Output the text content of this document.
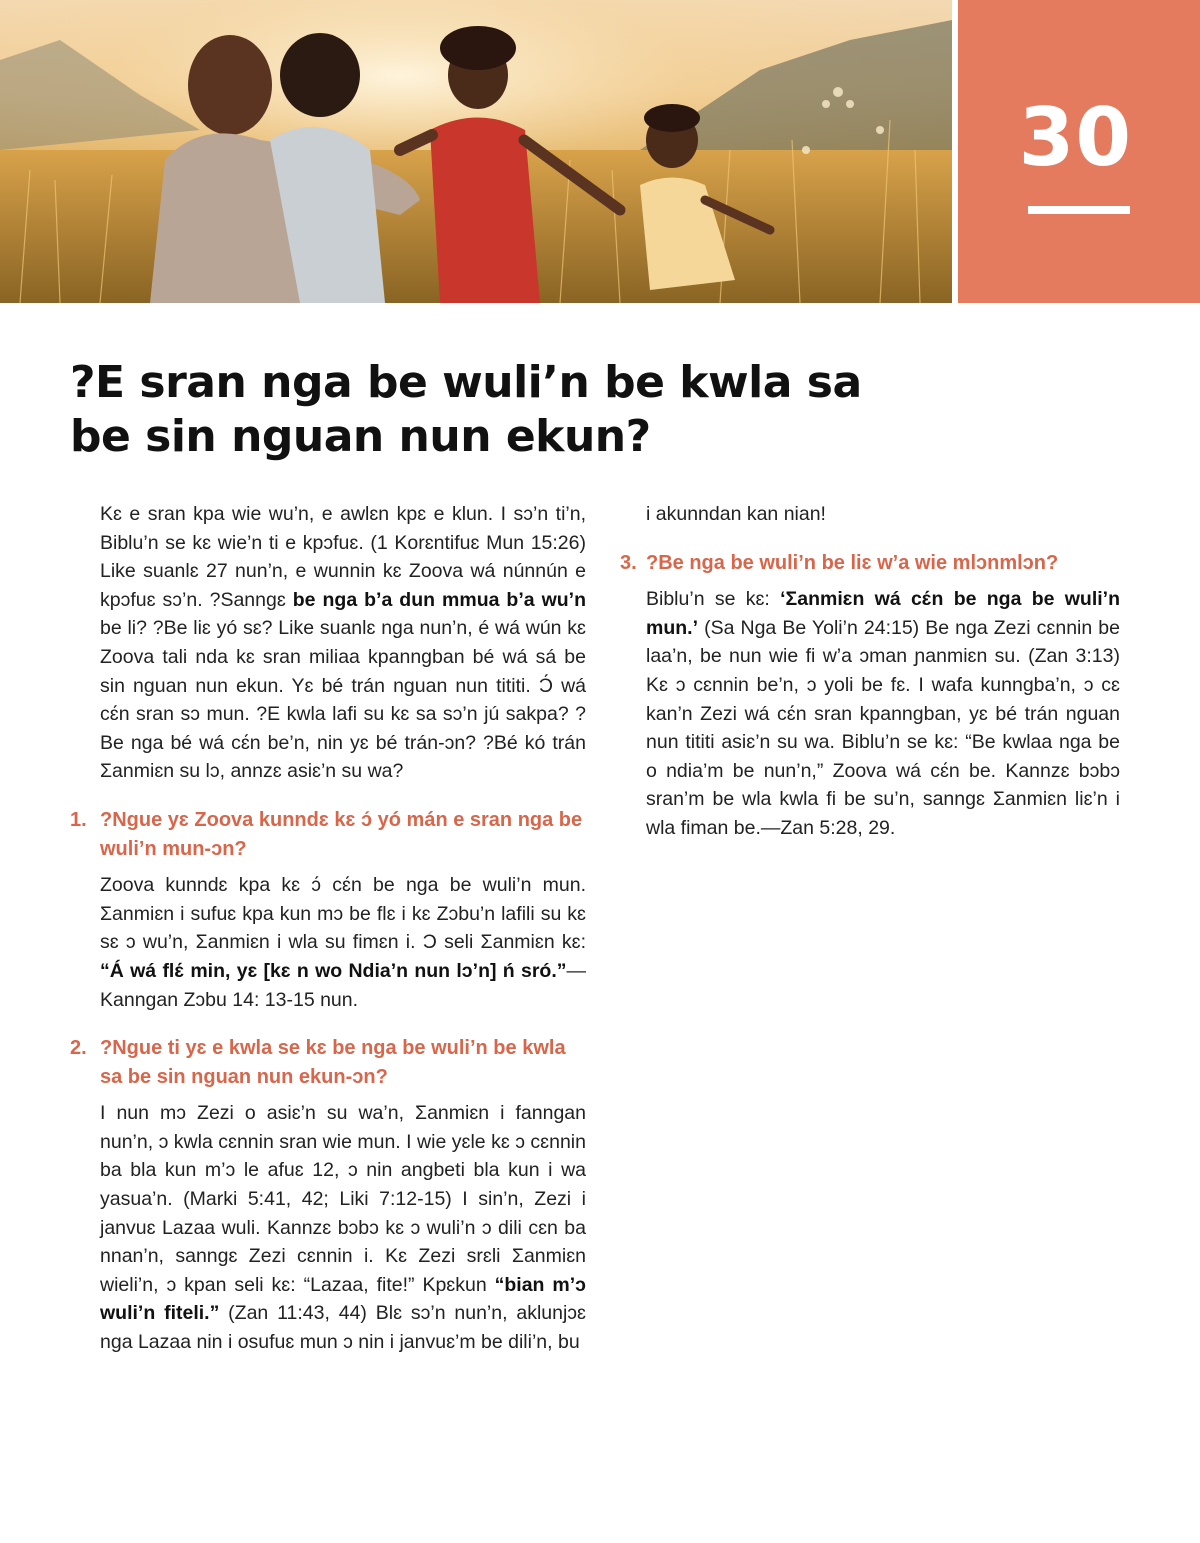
30
?E sran nga be wuli’n be kwla sa
be sin nguan nun ekun?

Kɛ e sran kpa wie wu’n, e awlɛn kpɛ e klun. I sɔ’n ti’n, Biblu’n se kɛ wie’n ti e kpɔfuɛ. (1 Korɛntifuɛ Mun 15:26) Like suanlɛ 27 nun’n, e wunnin kɛ Zoova wá núnnún e kpɔfuɛ sɔ’n. ?Sanngɛ be nga b’a dun mmua b’a wu’n be li? ?Be liɛ yó sɛ? Like suanlɛ nga nun’n, é wá wún kɛ Zoova tali nda kɛ sran miliaa kpanngban bé wá sá be sin nguan nun ekun. Yɛ bé trán nguan nun tititi. Ɔ́ wá cɛ́n sran sɔ mun. ?E kwla lafi su kɛ sa sɔ’n jú sakpa? ?Be nga bé wá cɛ́n be’n, nin yɛ bé trán-ɔn? ?Bé kó trán Ʃanmiɛn su lɔ, annzɛ asiɛ’n su wa?

1. ?Ngue yɛ Zoova kunndɛ kɛ ɔ́ yó mán e sran nga be wuli’n mun-ɔn?

Zoova kunndɛ kpa kɛ ɔ́ cɛ́n be nga be wuli’n mun. Ʃanmiɛn i sufuɛ kpa kun mɔ be flɛ i kɛ Zɔbu’n lafili su kɛ sɛ ɔ wu’n, Ʃanmiɛn i wla su fimɛn i. Ɔ seli Ʃanmiɛn kɛ: “Á wá flɛ́ min, yɛ [kɛ n wo Ndia’n nun lɔ’n] ń sró.”—Kanngan Zɔbu 14: 13-15 nun.

2. ?Ngue ti yɛ e kwla se kɛ be nga be wuli’n be kwla sa be sin nguan nun ekun-ɔn?

I nun mɔ Zezi o asiɛ’n su wa’n, Ʃanmiɛn i fanngan nun’n, ɔ kwla cɛnnin sran wie mun. I wie yɛle kɛ ɔ cɛnnin ba bla kun m’ɔ le afuɛ 12, ɔ nin angbeti bla kun i wa yasua’n. (Marki 5:41, 42; Liki 7:12-15) I sin’n, Zezi i janvuɛ Lazaa wuli. Kannzɛ bɔbɔ kɛ ɔ wuli’n ɔ dili cɛn ba nnan’n, sanngɛ Zezi cɛnnin i. Kɛ Zezi srɛli Ʃanmiɛn wieli’n, ɔ kpan seli kɛ: “Lazaa, fite!” Kpɛkun “bian m’ɔ wuli’n fiteli.” (Zan 11:43, 44) Blɛ sɔ’n nun’n, aklunjɔɛ nga Lazaa nin i osufuɛ mun ɔ nin i janvuɛ’m be dili’n, bu

i akunndan kan nian!

3. ?Be nga be wuli’n be liɛ w’a wie mlɔnmlɔn?

Biblu’n se kɛ: ‘Ʃanmiɛn wá cɛ́n be nga be wuli’n mun.’ (Sa Nga Be Yoli’n 24:15) Be nga Zezi cɛnnin be laa’n, be nun wie fi w’a ɔman ɲanmiɛn su. (Zan 3:13) Kɛ ɔ cɛnnin be’n, ɔ yoli be fɛ. I wafa kunngba’n, ɔ cɛ kan’n Zezi wá cɛ́n sran kpanngban, yɛ bé trán nguan nun tititi asiɛ’n su wa. Biblu’n se kɛ: “Be kwlaa nga be o ndia’m be nun’n,” Zoova wá cɛ́n be. Kannzɛ bɔbɔ sran’m be wla kwla fi be su’n, sanngɛ Ʃanmiɛn liɛ’n i wla fiman be.—Zan 5:28, 29.
